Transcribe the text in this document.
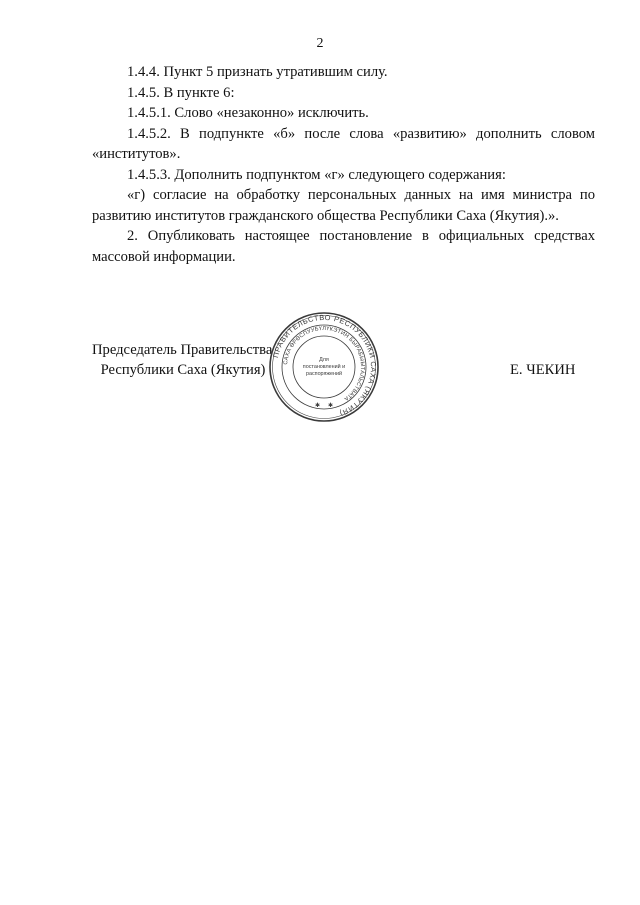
2

1.4.4. Пункт 5 признать утратившим силу.

1.4.5. В пункте 6:

1.4.5.1. Слово «незаконно» исключить.

1.4.5.2. В подпункте «б» после слова «развитию» дополнить словом «институтов».

1.4.5.3. Дополнить подпунктом «г» следующего содержания:

«г) согласие на обработку персональных данных на имя министра по развитию институтов гражданского общества Республики Саха (Якутия).».

2. Опубликовать настоящее постановление в официальных средствах массовой информации.

Председатель Правительства
Республики Саха (Якутия)	Е. ЧЕКИН
ПРАВИТЕЛЬСТВО РЕСПУБЛИКИ САХА (ЯКУТИЯ)
САХА ӨРӨСПУУБҮЛҮКЭТИН БЫРАБЫЫТАЛЬСТВАТА
Для
постановлений и
распоряжений
✱ ✱
